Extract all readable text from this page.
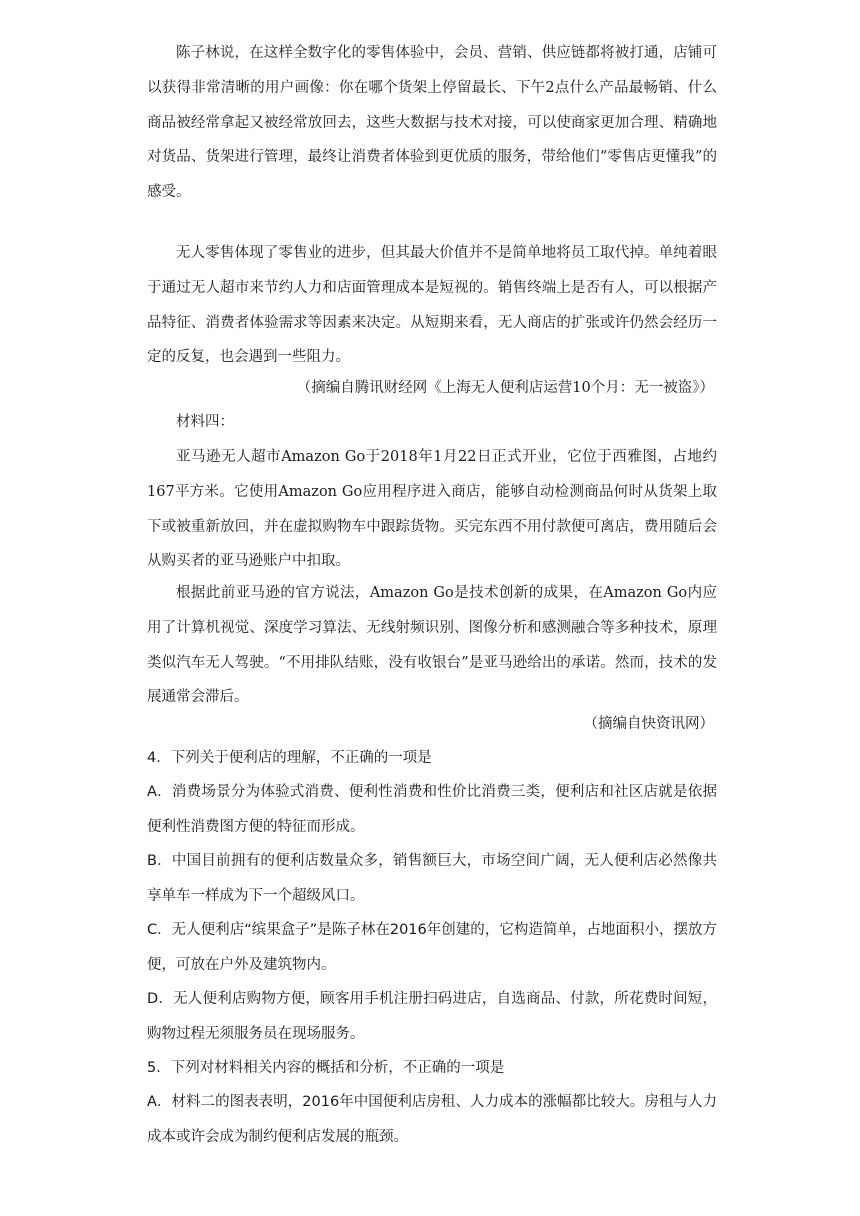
陈子林说，在这样全数字化的零售体验中，会员、营销、供应链都将被打通，店铺可以获得非常清晰的用户画像：你在哪个货架上停留最长、下午2点什么产品最畅销、什么商品被经常拿起又被经常放回去，这些大数据与技术对接，可以使商家更加合理、精确地对货品、货架进行管理，最终让消费者体验到更优质的服务，带给他们“零售店更懂我”的感受。

无人零售体现了零售业的进步，但其最大价值并不是简单地将员工取代掉。单纯着眼于通过无人超市来节约人力和店面管理成本是短视的。销售终端上是否有人，可以根据产品特征、消费者体验需求等因素来决定。从短期来看，无人商店的扩张或许仍然会经历一定的反复，也会遇到一些阻力。

（摘编自腾讯财经网《上海无人便利店运营10个月：无一被盗》）

材料四：

亚马逊无人超市Amazon Go于2018年1月22日正式开业，它位于西雅图，占地约167平方米。它使用Amazon Go应用程序进入商店，能够自动检测商品何时从货架上取下或被重新放回，并在虚拟购物车中跟踪货物。买完东西不用付款便可离店，费用随后会从购买者的亚马逊账户中扣取。

根据此前亚马逊的官方说法，Amazon Go是技术创新的成果，在Amazon Go内应用了计算机视觉、深度学习算法、无线射频识别、图像分析和感测融合等多种技术，原理类似汽车无人驾驶。“不用排队结账，没有收银台”是亚马逊给出的承诺。然而，技术的发展通常会滞后。

（摘编自快资讯网）

4．下列关于便利店的理解，不正确的一项是

A．消费场景分为体验式消费、便利性消费和性价比消费三类，便利店和社区店就是依据便利性消费图方便的特征而形成。

B．中国目前拥有的便利店数量众多，销售额巨大，市场空间广阔，无人便利店必然像共享单车一样成为下一个超级风口。

C．无人便利店“缤果盒子”是陈子林在2016年创建的，它构造简单，占地面积小，摆放方便，可放在户外及建筑物内。

D．无人便利店购物方便，顾客用手机注册扫码进店，自选商品、付款，所花费时间短，购物过程无须服务员在现场服务。

5．下列对材料相关内容的概括和分析，不正确的一项是

A．材料二的图表表明，2016年中国便利店房租、人力成本的涨幅都比较大。房租与人力成本或许会成为制约便利店发展的瓶颈。
